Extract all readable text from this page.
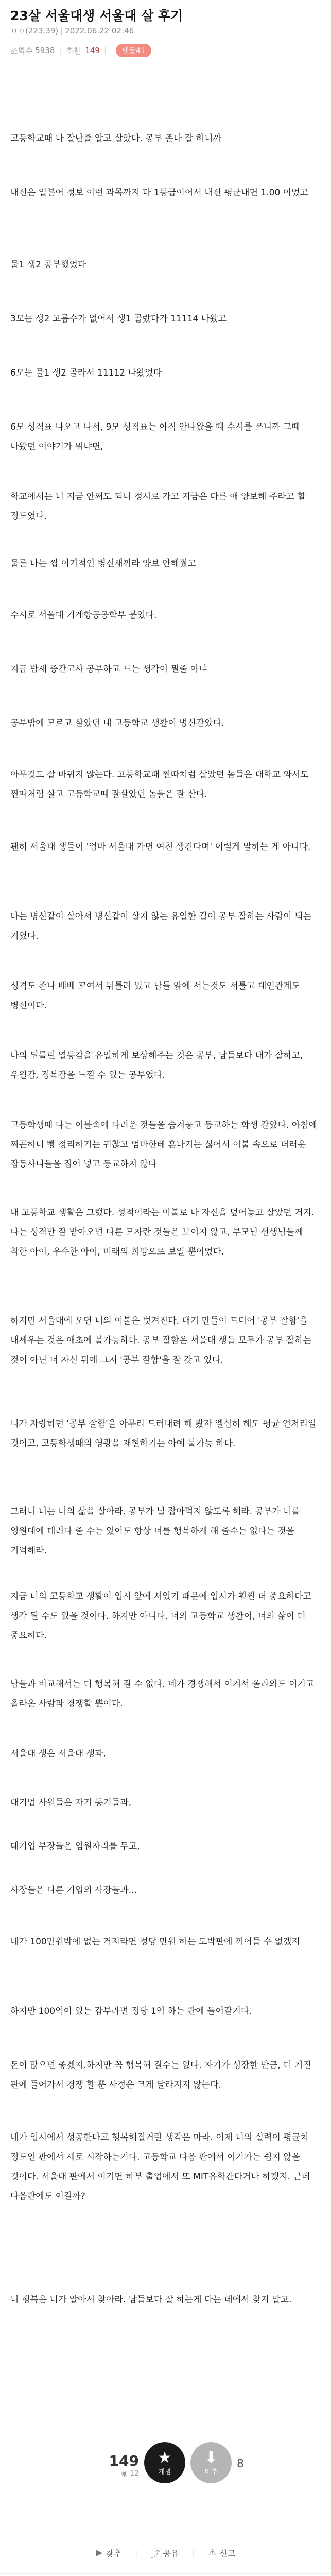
23살 서울대생 서울대 살 후기
ㅇㅇ(223.39) | 2022.06.22 02:46
조회수
5938 | 추천
149 |	댓글41
고등학교때 나 잘난줄 알고 살았다. 공부 존나 잘 하니까
내신은 일본어 정보 이런 과목까지 다 1등급이어서 내신 평균내면 1.00 이었고
물1 생2 공부했었다
3모는 생2 고름수가 없어서 생1 골랐다가 11114 나왔고
6모는 물1 생2 골라서 11112 나왔었다
6모 성적표 나오고 나서, 9모 성적표는 아직 안나왔을 때 수시를 쓰니까 그때 나왔던 이야기가 뭐냐면,
학교에서는 너 지금 안써도 되니 정시로 가고 지금은 다른 애 양보해 주라고 할 정도였다.
물론 나는 씹 이기적인 병신새끼라 양보 안해줬고
수시로 서울대 기계항공공학부 붙었다.
지금 밤새 중간고사 공부하고 드는 생각이 뭔줄 아냐
공부밖에 모르고 살았던 내 고등학교 생활이 병신같았다.
아무것도 잘 바뀌지 않는다. 고등학교때 찐따처럼 살았던 놈들은 대학교 와서도 찐따처럼 살고 고등학교때 잘살았던 놈들은 잘 산다.
괜히 서울대 생들이 '엄마 서울대 가면 여친 생긴다며' 이럴게 말하는 게 아니다.
나는 병신같이 살아서 병신같이 살지 않는 유일한 길이 공부 잘하는 사람이 되는 거였다.
성격도 존나 베베 꼬여서 뒤틀려 있고 남들 앞에 서는것도 서툴고 대인관계도 병신이다.
나의 뒤틀린 열등감을 유일하게 보상해주는 것은 공부, 남들보다 내가 잘하고, 우월감, 정복감을 느낄 수 있는 공부였다.
고등학생때 나는 이불속에 다려운 것들을 숨겨놓고 등교하는 학생 같았다. 아침에 찌곤하니 빵 정리하기는 귀찮고 엄마한테 혼나기는 싫어서 이불 속으로 더러운 잡동사니들을 집어 넣고 등교하지 않나
내 고등학교 생활은 그랬다. 성적이라는 이불로 나 자신을 덮어놓고 살았던 거지. 나는 성적만 잘 받아오면 다른 모자란 것들은 보이지 않고, 부모님 선생님들께 착한 아이, 우수한 아이, 미래의 희망으로 보일 뿐이었다.
하지만 서울대에 오면 너의 이불은 벗겨진다. 대기 만들이 드디어 '공부 잘함'을 내세우는 것은 애초에 불가능하다. 공부 잘함은 서울대 생들 모두가 공부 잘하는 것이 아닌 너 자신 뒤에 그저 '공부 잘함'을 잘 갖고 있다.
너가 자랑하던 '공부 잘함'을 아무리 드러내려 해 봤자 엘심히 해도 평균 언저리일 것이고, 고등학생때의 영광을 재현하기는 아예 불가능 하다.
그러니 너는 너의 삶을 살아라. 공부가 널 잡아먹지 않도록 해라. 공부가 너를 영원대에 데려다 줄 수는 있어도 항상 너를 행복하게 해 줄수는 없다는 것을 기억해라.
지금 너의 고등학교 생활이 입시 앞에 서있기 때문에 입시가 훨씬 더 중요하다고 생각 될 수도 있을 것이다. 하지만 아니다. 너의 고등학교 생활이, 너의 삶이 더 중요하다.
남들과 비교해서는 더 행복해 질 수 없다. 네가 경쟁해서 이겨서 올라와도 이기고 올라온 사람과 경쟁할 뿐이다.
서울대 생은 서울대 생과,
대기업 사원들은 자기 동기들과,
대기업 부장들은 임원자리를 두고,
사장들은 다른 기업의 사장들과...
네가 100만원밖에 없는 거지라면 정당 만원 하는 도박판에 끼어들 수 없겠지
하지만 100억이 있는 갑부라면 정당 1억 하는 판에 들어갈거다.
돈이 많으면 좋겠지.하지만 꼭 행복해 질수는 없다. 자기가 성장한 만큼, 더 커진 판에 들어가서 경쟁 할 뿐 사정은 크게 달라지지 않는다.
네가 입시에서 성공한다고 행복해질거란 생각은 마라. 이제 너의 실력이 평균치 정도인 판에서 새로 시작하는거다. 고등학교 다음 판에서 이기가는 쉽지 않을 것이다. 서울대 판에서 이기면 하부 출업에서 또 MIT유학간다거나 하겠지. 근데 다음판에도 이길까?
니 행복은 니가 알아서 찾아라. 남들보다 잘 하는게 다는 데에서 찾지 말고.
149
◉ 12
★
개념
⬇
비추
8
▶ 찾추 | ⤴ 공유 | ⚠ 신고
